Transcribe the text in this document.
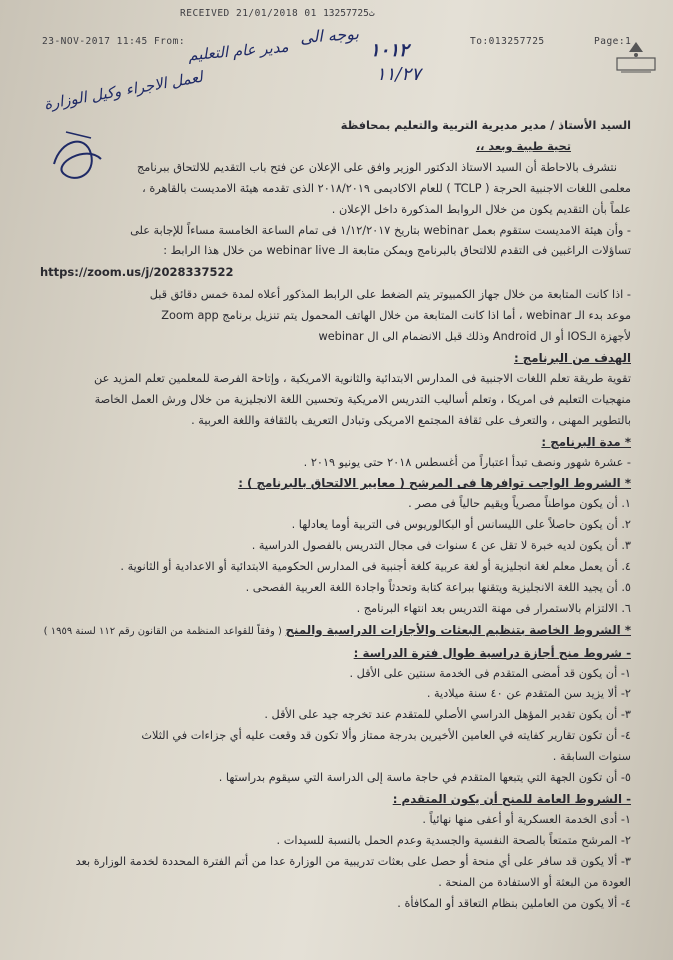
RECEIVED 21/01/2018 01 ث13257725
23-NOV-2017 11:45 From:	To:013257725	Page:1
بوجه الى
مدير عام التعليم
لعمل الاجراء وكيل الوزارة
١٠١٢
١١/٢٧

السيد الأستاذ / مدير مديرية التربية والتعليم بمحافظة

تحية طيبة وبعد ،،

نتشرف بالاحاطة أن السيد الاستاذ الدكتور الوزير وافق على الإعلان عن فتح باب التقديم للالتحاق ببرنامج

معلمى اللغات الاجنبية الحرجة ( TCLP ) للعام الاكاديمى ٢٠١٨/٢٠١٩ الذى تقدمه هيئة الامديست بالقاهرة ،

علماً بأن التقديم يكون من خلال الروابط المذكورة داخل الإعلان .

- وأن هيئة الامديست ستقوم بعمل webinar بتاريخ ١/١٢/٢٠١٧ فى تمام الساعة الخامسة مساءاً للإجابة على

تساؤلات الراغبين فى التقدم للالتحاق بالبرنامج ويمكن متابعة الـ webinar live من خلال هذا الرابط :

https://zoom.us/j/2028337522

- اذا كانت المتابعة من خلال جهاز الكمبيوتر يتم الضغط على الرابط المذكور أعلاه لمدة خمس دقائق قبل

موعد بدء الـ webinar ، أما اذا كانت المتابعة من خلال الهاتف المحمول يتم تنزيل برنامج Zoom app

لأجهزة الـIOS أو ال Android وذلك قبل الانضمام الى ال webinar

الهدف من البرنامج :

تقوية طريقة تعلم اللغات الاجنبية فى المدارس الابتدائية والثانوية الامريكية ، وإتاحة الفرصة للمعلمين تعلم المزيد عن

منهجيات التعليم فى امريكا ، وتعلم أساليب التدريس الامريكية وتحسين اللغة الانجليزية من خلال ورش العمل الخاصة

بالتطوير المهنى ، والتعرف على ثقافة المجتمع الامريكى وتبادل التعريف بالثقافة واللغة العربية .

* مدة البرنامج :

- عشرة شهور ونصف تبدأ اعتباراً من أغسطس ٢٠١٨ حتى يونيو ٢٠١٩ .

* الشروط الواجب توافرها فى المرشح ( معايير الالتحاق بالبرنامج ) :

١. أن يكون مواطناً مصرياً ويقيم حالياً فى مصر .

٢. أن يكون حاصلاً على الليسانس أو البكالوريوس فى التربية أوما يعادلها .

٣. أن يكون لديه خبرة لا تقل عن ٤ سنوات فى مجال التدريس بالفصول الدراسية .

٤. أن يعمل معلم لغة انجليزية أو لغة عربية كلغة أجنبية فى المدارس الحكومية الابتدائية أو الاعدادية أو الثانوية .

٥. أن يجيد اللغة الانجليزية ويتقنها ببراعة كتابة وتحدثاً واجادة اللغة العربية الفصحى .

٦. الالتزام بالاستمرار فى مهنة التدريس بعد انتهاء البرنامج .

* الشروط الخاصة بتنظيم البعثات والأجازات الدراسية والمنح ( وفقاً للقواعد المنظمة من القانون رقم ١١٢ لسنة ١٩٥٩ )

- شروط منح أجازة دراسية طوال فترة الدراسة :

١- أن يكون قد أمضى المتقدم فى الخدمة سنتين على الأقل .

٢- ألا يزيد سن المتقدم عن ٤٠ سنة ميلادية .

٣- أن يكون تقدير المؤهل الدراسي الأصلي للمتقدم عند تخرجه جيد على الأقل .

٤- أن تكون تقارير كفايته في العامين الأخيرين بدرجة ممتاز وألا تكون قد وقعت عليه أي جزاءات في الثلاث

سنوات السابقة .

٥- أن تكون الجهة التي يتبعها المتقدم في حاجة ماسة إلى الدراسة التي سيقوم بدراستها .

- الشروط العامة للمنح أن يكون المتقدم :

١- أدى الخدمة العسكرية أو أعفى منها نهائياً .

٢- المرشح متمتعاً بالصحة النفسية والجسدية وعدم الحمل بالنسبة للسيدات .

٣- ألا يكون قد سافر على أي منحة أو حصل على بعثات تدريبية من الوزارة عدا من أتم الفترة المحددة لخدمة الوزارة بعد

العودة من البعثة أو الاستفادة من المنحة .

٤- ألا يكون من العاملين بنظام التعاقد أو المكافأة .
